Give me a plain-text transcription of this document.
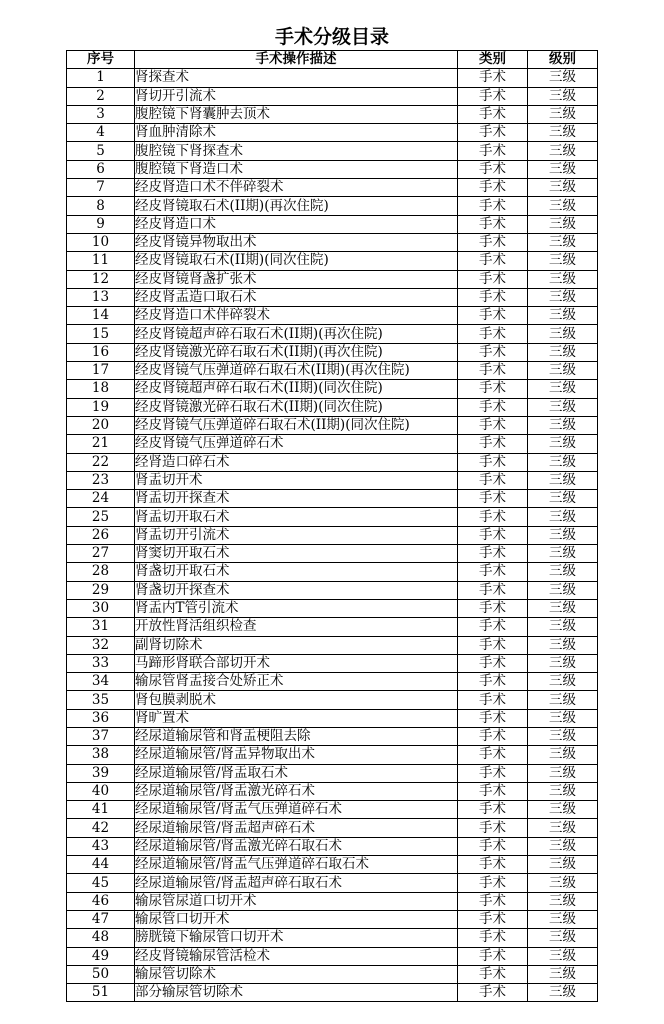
手术分级目录
序号	手术操作描述	类别	级别
1	肾探查术	手术	三级
2	肾切开引流术	手术	三级
3	腹腔镜下肾囊肿去顶术	手术	三级
4	肾血肿清除术	手术	三级
5	腹腔镜下肾探查术	手术	三级
6	腹腔镜下肾造口术	手术	三级
7	经皮肾造口术不伴碎裂术	手术	三级
8	经皮肾镜取石术(II期)(再次住院)	手术	三级
9	经皮肾造口术	手术	三级
10	经皮肾镜异物取出术	手术	三级
11	经皮肾镜取石术(II期)(同次住院)	手术	三级
12	经皮肾镜肾盏扩张术	手术	三级
13	经皮肾盂造口取石术	手术	三级
14	经皮肾造口术伴碎裂术	手术	三级
15	经皮肾镜超声碎石取石术(II期)(再次住院)	手术	三级
16	经皮肾镜激光碎石取石术(II期)(再次住院)	手术	三级
17	经皮肾镜气压弹道碎石取石术(II期)(再次住院)	手术	三级
18	经皮肾镜超声碎石取石术(II期)(同次住院)	手术	三级
19	经皮肾镜激光碎石取石术(II期)(同次住院)	手术	三级
20	经皮肾镜气压弹道碎石取石术(II期)(同次住院)	手术	三级
21	经皮肾镜气压弹道碎石术	手术	三级
22	经肾造口碎石术	手术	三级
23	肾盂切开术	手术	三级
24	肾盂切开探查术	手术	三级
25	肾盂切开取石术	手术	三级
26	肾盂切开引流术	手术	三级
27	肾窦切开取石术	手术	三级
28	肾盏切开取石术	手术	三级
29	肾盏切开探查术	手术	三级
30	肾盂内T管引流术	手术	三级
31	开放性肾活组织检查	手术	三级
32	副肾切除术	手术	三级
33	马蹄形肾联合部切开术	手术	三级
34	输尿管肾盂接合处矫正术	手术	三级
35	肾包膜剥脱术	手术	三级
36	肾旷置术	手术	三级
37	经尿道输尿管和肾盂梗阻去除	手术	三级
38	经尿道输尿管/肾盂异物取出术	手术	三级
39	经尿道输尿管/肾盂取石术	手术	三级
40	经尿道输尿管/肾盂激光碎石术	手术	三级
41	经尿道输尿管/肾盂气压弹道碎石术	手术	三级
42	经尿道输尿管/肾盂超声碎石术	手术	三级
43	经尿道输尿管/肾盂激光碎石取石术	手术	三级
44	经尿道输尿管/肾盂气压弹道碎石取石术	手术	三级
45	经尿道输尿管/肾盂超声碎石取石术	手术	三级
46	输尿管尿道口切开术	手术	三级
47	输尿管口切开术	手术	三级
48	膀胱镜下输尿管口切开术	手术	三级
49	经皮肾镜输尿管活检术	手术	三级
50	输尿管切除术	手术	三级
51	部分输尿管切除术	手术	三级
